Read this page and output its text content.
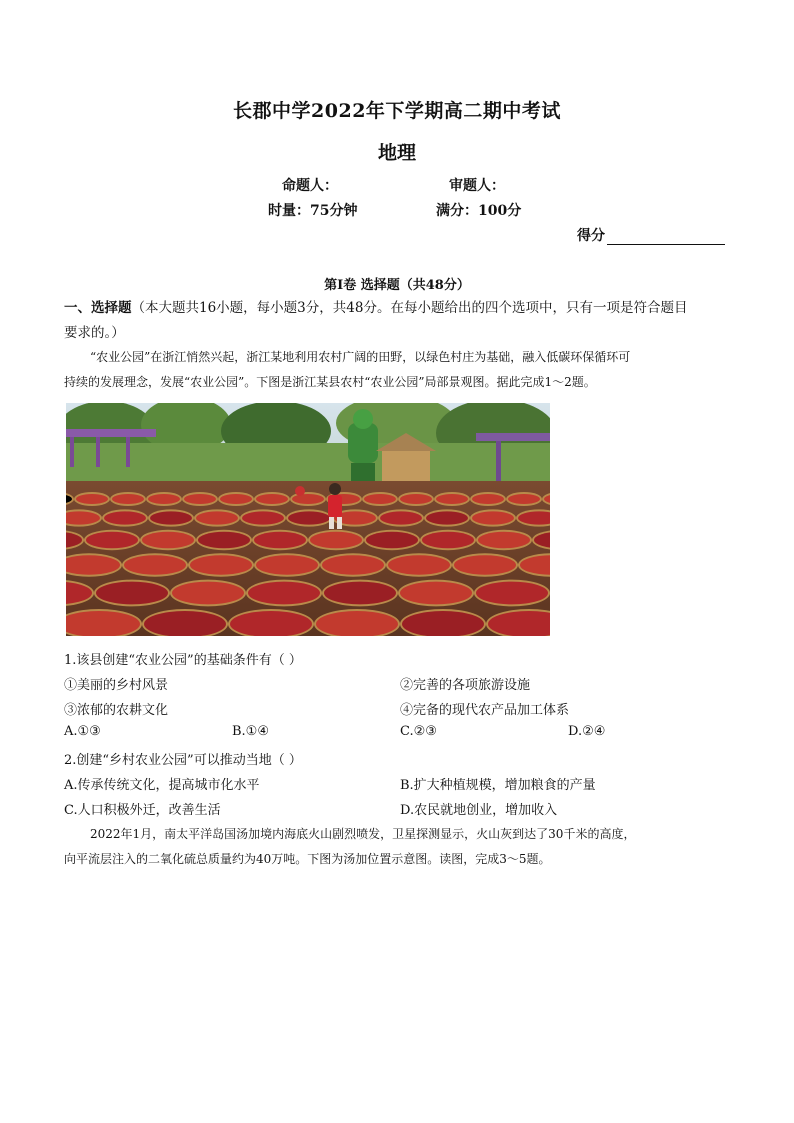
长郡中学2022年下学期高二期中考试
地理
命题人：	审题人：
时量：75分钟	满分：100分
得分
第Ⅰ卷 选择题（共48分）
一、选择题（本大题共16小题，每小题3分，共48分。在每小题给出的四个选项中，只有一项是符合题目
要求的。）
“农业公园”在浙江悄然兴起，浙江某地利用农村广阔的田野，以绿色村庄为基础，融入低碳环保循环可
持续的发展理念，发展“农业公园”。下图是浙江某县农村“农业公园”局部景观图。据此完成1～2题。
1.该县创建“农业公园”的基础条件有（ ）
①美丽的乡村风景	②完善的各项旅游设施
③浓郁的农耕文化	④完备的现代农产品加工体系
A.①③	B.①④	C.②③	D.②④
2.创建“乡村农业公园”可以推动当地（ ）
A.传承传统文化，提高城市化水平	B.扩大种植规模，增加粮食的产量
C.人口积极外迁，改善生活	D.农民就地创业，增加收入
2022年1月，南太平洋岛国汤加境内海底火山剧烈喷发，卫星探测显示，火山灰到达了30千米的高度，
向平流层注入的二氧化硫总质量约为40万吨。下图为汤加位置示意图。读图，完成3～5题。
